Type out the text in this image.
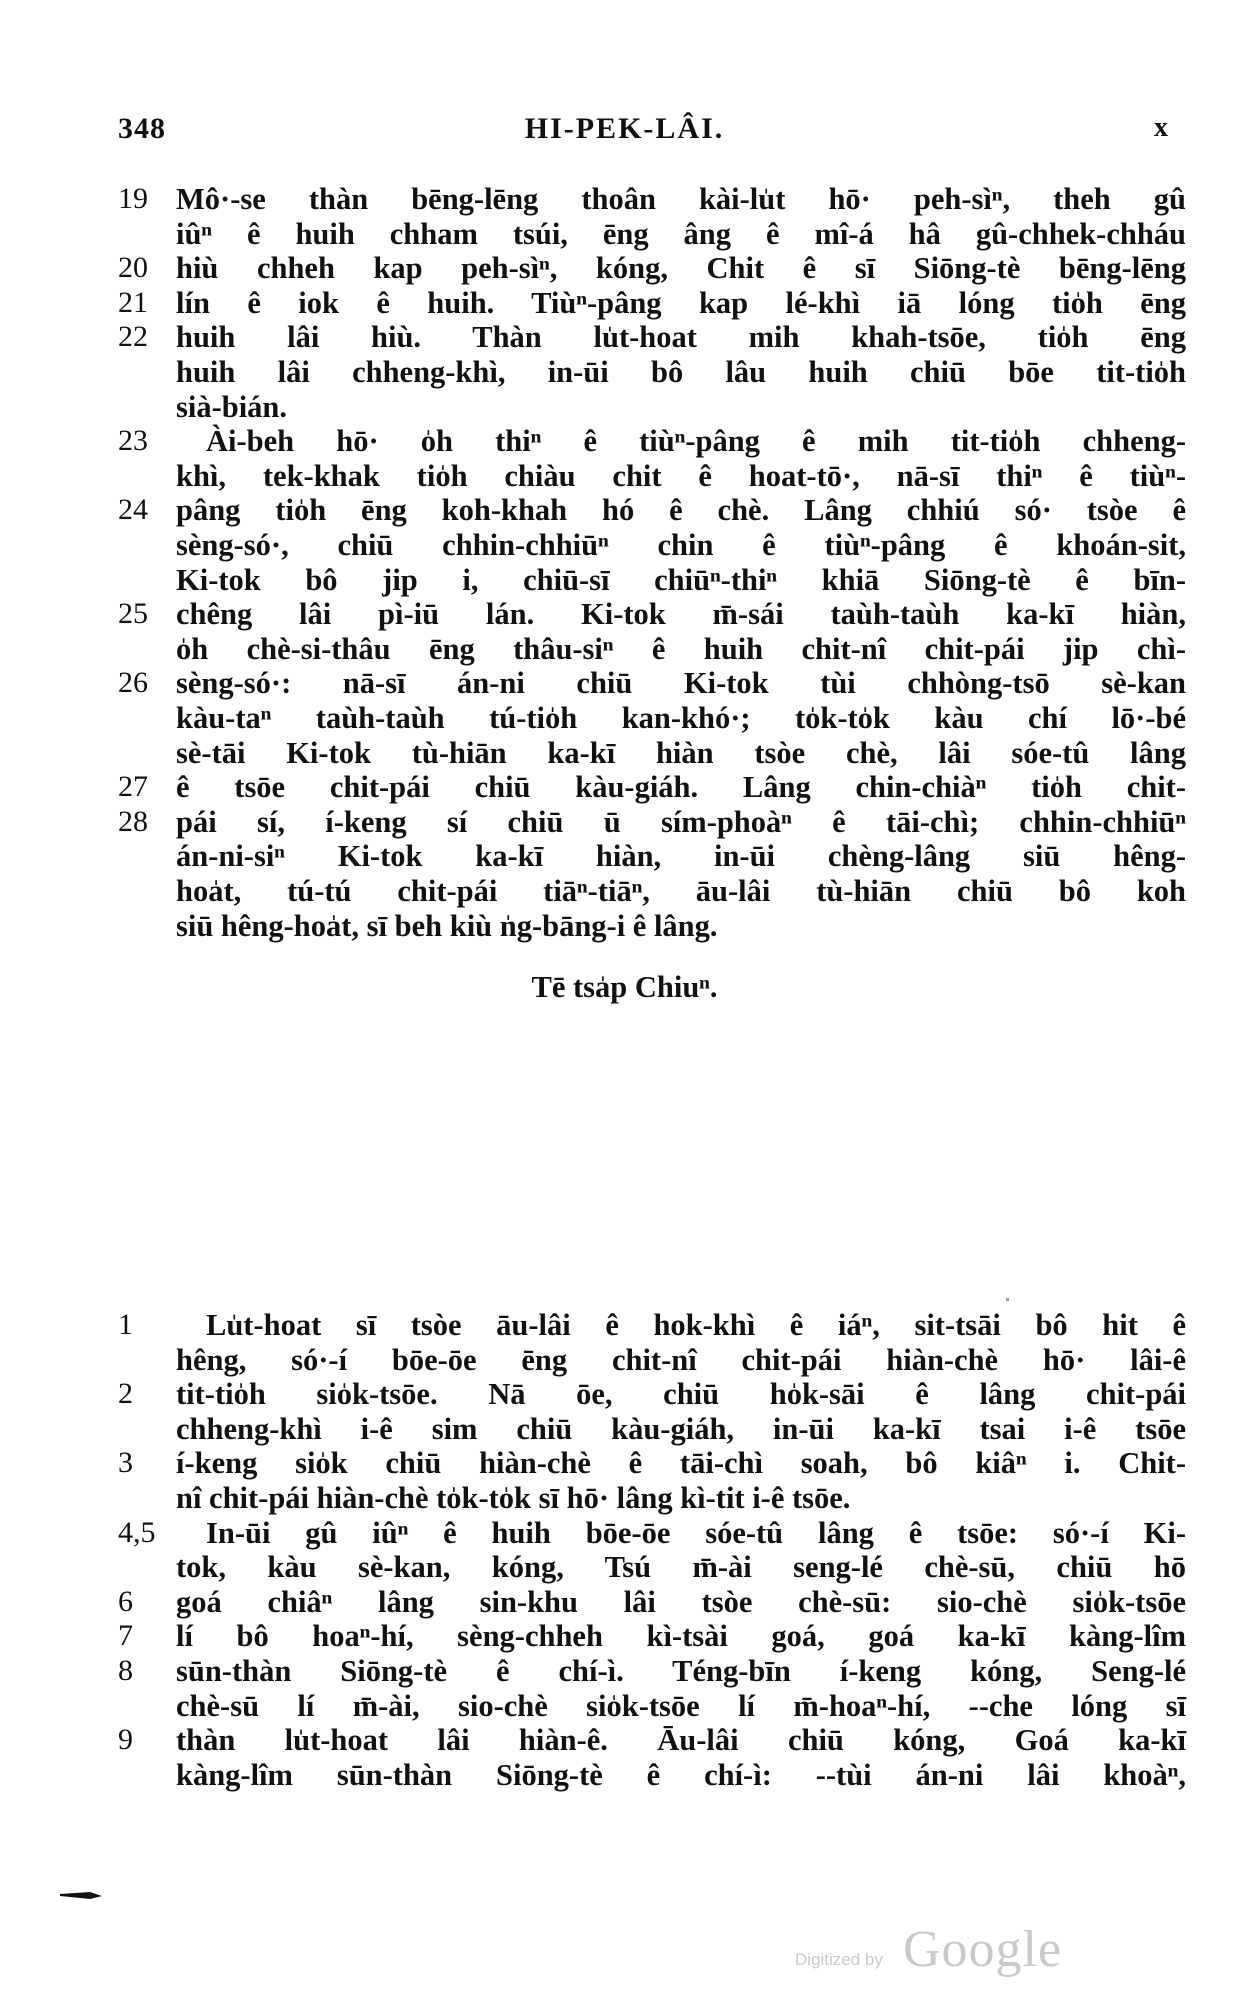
348	HI-PEK-LÂI.	x
19 Mô·-se thàn bēng-lēng thoân kài-lu̍t hō· peh-sìⁿ, theh gû
iûⁿ ê huih chham tsúi, ēng âng ê mî-á hâ gû-chhek-chháu
20 hiù chheh kap peh-sìⁿ, kóng, Chit ê sī Siōng-tè bēng-lēng
21 lín ê iok ê huih. Tiùⁿ-pâng kap lé-khì iā lóng tio̍h ēng
22 huih lâi hiù. Thàn lu̍t-hoat mih khah-tsōe, tio̍h ēng
huih lâi chheng-khì, in-ūi bô lâu huih chiū bōe tit-tio̍h
sià-bián.
23	Ài-beh hō· o̍h thiⁿ ê tiùⁿ-pâng ê mih tit-tio̍h chheng-
khì, tek-khak tio̍h chiàu chit ê hoat-tō·, nā-sī thiⁿ ê tiùⁿ-
24 pâng tio̍h ēng koh-khah hó ê chè. Lâng chhiú só· tsòe ê
sèng-só·, chiū chhin-chhiūⁿ chin ê tiùⁿ-pâng ê khoán-sit,
Ki-tok bô jip i, chiū-sī chiūⁿ-thiⁿ khiā Siōng-tè ê bīn-
25 chêng lâi pì-iū lán. Ki-tok m̄-sái taùh-taùh ka-kī hiàn,
o̍h chè-si-thâu ēng thâu-siⁿ ê huih chit-nî chit-pái jip chì-
26 sèng-só·: nā-sī án-ni chiū Ki-tok tùi chhòng-tsō sè-kan
kàu-taⁿ taùh-taùh tú-tio̍h kan-khó·; to̍k-to̍k kàu chí lō·-bé
sè-tāi Ki-tok tù-hiān ka-kī hiàn tsòe chè, lâi sóe-tû lâng
27 ê tsōe chit-pái chiū kàu-giáh. Lâng chin-chiàⁿ tio̍h chit-
28 pái sí, í-keng sí chiū ū sím-phoàⁿ ê tāi-chì; chhin-chhiūⁿ
án-ni-siⁿ Ki-tok ka-kī hiàn, in-ūi chèng-lâng siū hêng-
hoa̍t, tú-tú chit-pái tiāⁿ-tiāⁿ, āu-lâi tù-hiān chiū bô koh
siū hêng-hoa̍t, sī beh kiù n̍g-bāng-i ê lâng.
Tē tsa̍p Chiuⁿ.
1	Lu̍t-hoat sī tsòe āu-lâi ê hok-khì ê iáⁿ, sit-tsāi bô hit ê
hêng, só·-í bōe-ōe ēng chit-nî chit-pái hiàn-chè hō· lâi-ê
2	tit-tio̍h sio̍k-tsōe. Nā ōe, chiū ho̍k-sāi ê lâng chit-pái
chheng-khì i-ê sim chiū kàu-giáh, in-ūi ka-kī tsai i-ê tsōe
3	í-keng sio̍k chiū hiàn-chè ê tāi-chì soah, bô kiâⁿ i. Chit-
nî chit-pái hiàn-chè to̍k-to̍k sī hō· lâng kì-tit i-ê tsōe.
4,5	In-ūi gû iûⁿ ê huih bōe-ōe sóe-tû lâng ê tsōe: só·-í Ki-
tok, kàu sè-kan, kóng, Tsú m̄-ài seng-lé chè-sū, chiū hō
6	goá chiâⁿ lâng sin-khu lâi tsòe chè-sū: sio-chè sio̍k-tsōe
7	lí bô hoaⁿ-hí, sèng-chheh kì-tsài goá, goá ka-kī kàng-lîm
8	sūn-thàn Siōng-tè ê chí-ì. Téng-bīn í-keng kóng, Seng-lé
chè-sū lí m̄-ài, sio-chè sio̍k-tsōe lí m̄-hoaⁿ-hí, --che lóng sī
9	thàn lu̍t-hoat lâi hiàn-ê. Āu-lâi chiū kóng, Goá ka-kī
kàng-lîm sūn-thàn Siōng-tè ê chí-ì: --tùi án-ni lâi khoàⁿ,
Digitized by Google
